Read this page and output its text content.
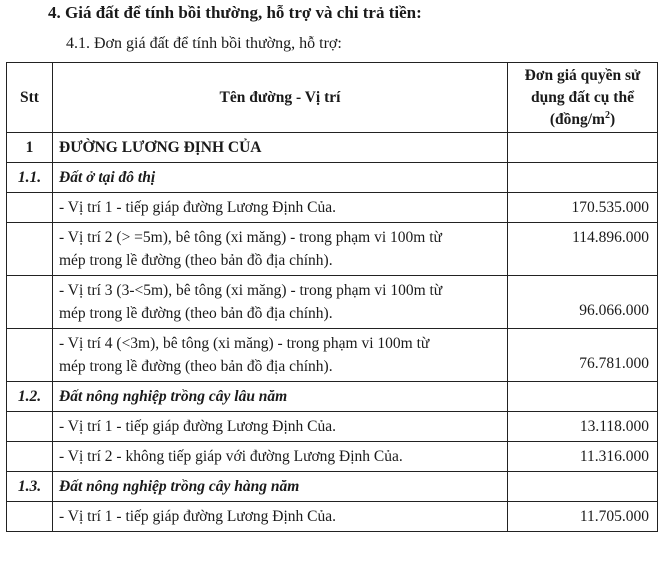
4. Giá đất để tính bồi thường, hỗ trợ và chi trả tiền:
4.1. Đơn giá đất để tính bồi thường, hỗ trợ:
Stt	Tên đường - Vị trí	Đơn giá quyền sử
dụng đất cụ thể
$(đồng/m^2)$

1	ĐƯỜNG LƯƠNG ĐỊNH CỦA	
1.1.	Đất ở tại đô thị	
	- Vị trí 1 - tiếp giáp đường Lương Định Của.	170.535.000

	- Vị trí 2 (> =5m), bê tông (xi măng) - trong phạm vi 100m từ
mép trong lề đường (theo bản đồ địa chính).	114.896.000

	- Vị trí 3 (3-<5m), bê tông (xi măng) - trong phạm vi 100m từ
mép trong lề đường (theo bản đồ địa chính).	96.066.000

	- Vị trí 4 (<3m), bê tông (xi măng) - trong phạm vi 100m từ
mép trong lề đường (theo bản đồ địa chính).	76.781.000
1.2.	Đất nông nghiệp trồng cây lâu năm	
	- Vị trí 1 - tiếp giáp đường Lương Định Của.	13.118.000
	- Vị trí 2 - không tiếp giáp với đường Lương Định Của.	11.316.000
1.3.	Đất nông nghiệp trồng cây hàng năm	
	- Vị trí 1 - tiếp giáp đường Lương Định Của.	11.705.000
